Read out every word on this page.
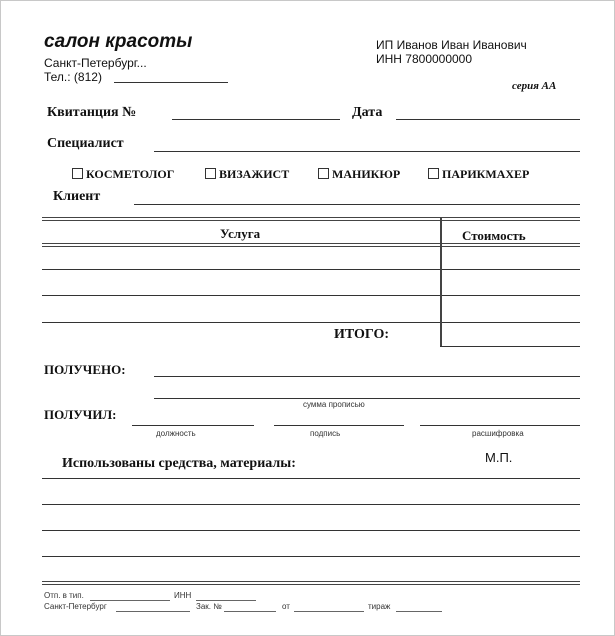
салон красоты
Санкт-Петербург...
Тел.: (812)
ИП Иванов Иван Иванович
ИНН 7800000000
серия АА
Квитанция №	Дата
Специалист
КОСМЕТОЛОГ	ВИЗАЖИСТ	МАНИКЮР	ПАРИКМАХЕР
Клиент
Услуга	Стоимость
ИТОГО:
ПОЛУЧЕНО:
сумма прописью
ПОЛУЧИЛ:
должность	подпись	расшифровка
М.П.
Использованы средства, материалы:
Отп. в тип.	ИНН
Санкт-Петербург	Зак. №	от	тираж
